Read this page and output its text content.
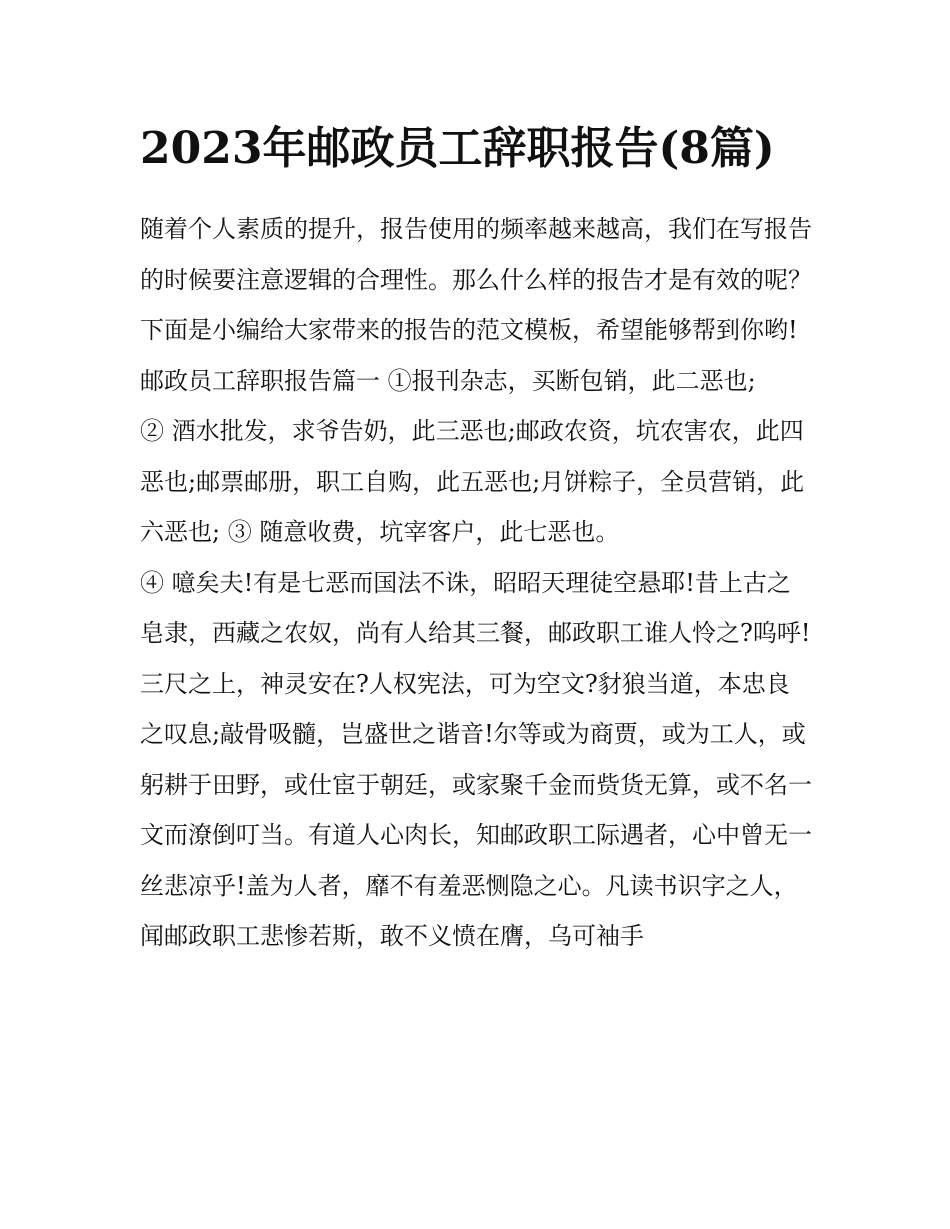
2023年邮政员工辞职报告(8篇)

随着个人素质的提升，报告使用的频率越来越高，我们在写报告的时候要注意逻辑的合理性。那么什么样的报告才是有效的呢？下面是小编给大家带来的报告的范文模板，希望能够帮到你哟!

邮政员工辞职报告篇一 ①报刊杂志，买断包销，此二恶也;

② 酒水批发，求爷告奶，此三恶也;邮政农资，坑农害农，此四恶也;邮票邮册，职工自购，此五恶也;月饼粽子，全员营销，此六恶也; ③ 随意收费，坑宰客户，此七恶也。

④ 噫矣夫!有是七恶而国法不诛，昭昭天理徒空悬耶!昔上古之皂隶，西藏之农奴，尚有人给其三餐，邮政职工谁人怜之?呜呼!三尺之上，神灵安在?人权宪法，可为空文?豺狼当道，本忠良之叹息;敲骨吸髓，岂盛世之谐音!尔等或为商贾，或为工人，或躬耕于田野，或仕宦于朝廷，或家聚千金而赀货无算，或不名一文而潦倒叮当。有道人心肉长，知邮政职工际遇者，心中曾无一丝悲凉乎!盖为人者，靡不有羞恶恻隐之心。凡读书识字之人，闻邮政职工悲惨若斯，敢不义愤在膺，乌可袖手
